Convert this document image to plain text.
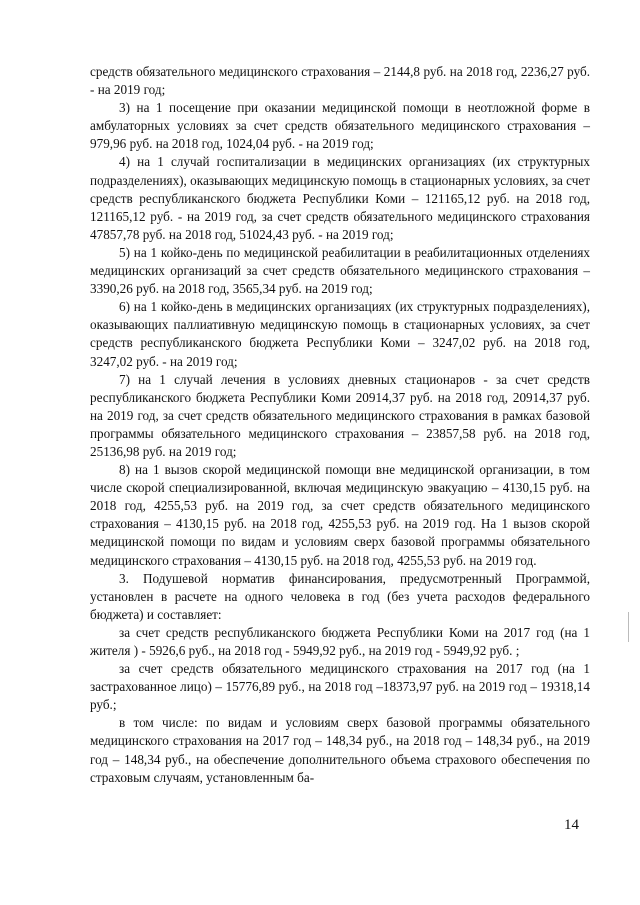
средств обязательного медицинского страхования – 2144,8 руб. на 2018 год, 2236,27 руб. - на 2019 год;

3) на 1 посещение при оказании медицинской помощи в неотложной форме в амбулаторных условиях за счет средств обязательного медицинского страхования – 979,96 руб. на 2018 год, 1024,04 руб. - на 2019 год;

4) на 1 случай госпитализации в медицинских организациях (их структурных подразделениях), оказывающих медицинскую помощь в стационарных условиях, за счет средств республиканского бюджета Республики Коми – 121165,12 руб. на 2018 год, 121165,12 руб. - на 2019 год, за счет средств обязательного медицинского страхования 47857,78 руб. на 2018 год, 51024,43 руб. - на 2019 год;

5) на 1 койко-день по медицинской реабилитации в реабилитационных отделениях медицинских организаций за счет средств обязательного медицинского страхования – 3390,26 руб. на 2018 год, 3565,34 руб. на 2019 год;

6) на 1 койко-день в медицинских организациях (их структурных подразделениях), оказывающих паллиативную медицинскую помощь в стационарных условиях, за счет средств республиканского бюджета Республики Коми – 3247,02 руб. на 2018 год, 3247,02 руб. - на 2019 год;

7) на 1 случай лечения в условиях дневных стационаров - за счет средств республиканского бюджета Республики Коми 20914,37 руб. на 2018 год, 20914,37 руб. на 2019 год, за счет средств обязательного медицинского страхования в рамках базовой программы обязательного медицинского страхования – 23857,58 руб. на 2018 год, 25136,98 руб. на 2019 год;

8) на 1 вызов скорой медицинской помощи вне медицинской организации, в том числе скорой специализированной, включая медицинскую эвакуацию – 4130,15 руб. на 2018 год, 4255,53 руб. на 2019 год, за счет средств обязательного медицинского страхования – 4130,15 руб. на 2018 год, 4255,53 руб. на 2019 год. На 1 вызов скорой медицинской помощи по видам и условиям сверх базовой программы обязательного медицинского страхования – 4130,15 руб. на 2018 год, 4255,53 руб. на 2019 год.

3. Подушевой норматив финансирования, предусмотренный Программой, установлен в расчете на одного человека в год (без учета расходов федерального бюджета) и составляет:

за счет средств республиканского бюджета Республики Коми на 2017 год (на 1 жителя ) - 5926,6 руб., на 2018 год - 5949,92 руб., на 2019 год - 5949,92 руб. ;

за счет средств обязательного медицинского страхования на 2017 год (на 1 застрахованное лицо) – 15776,89 руб., на 2018 год –18373,97 руб. на 2019 год – 19318,14 руб.;

в том числе: по видам и условиям сверх базовой программы обязательного медицинского страхования на 2017 год – 148,34 руб., на 2018 год – 148,34 руб., на 2019 год – 148,34 руб., на обеспечение дополнительного объема страхового обеспечения по страховым случаям, установленным ба-

14
